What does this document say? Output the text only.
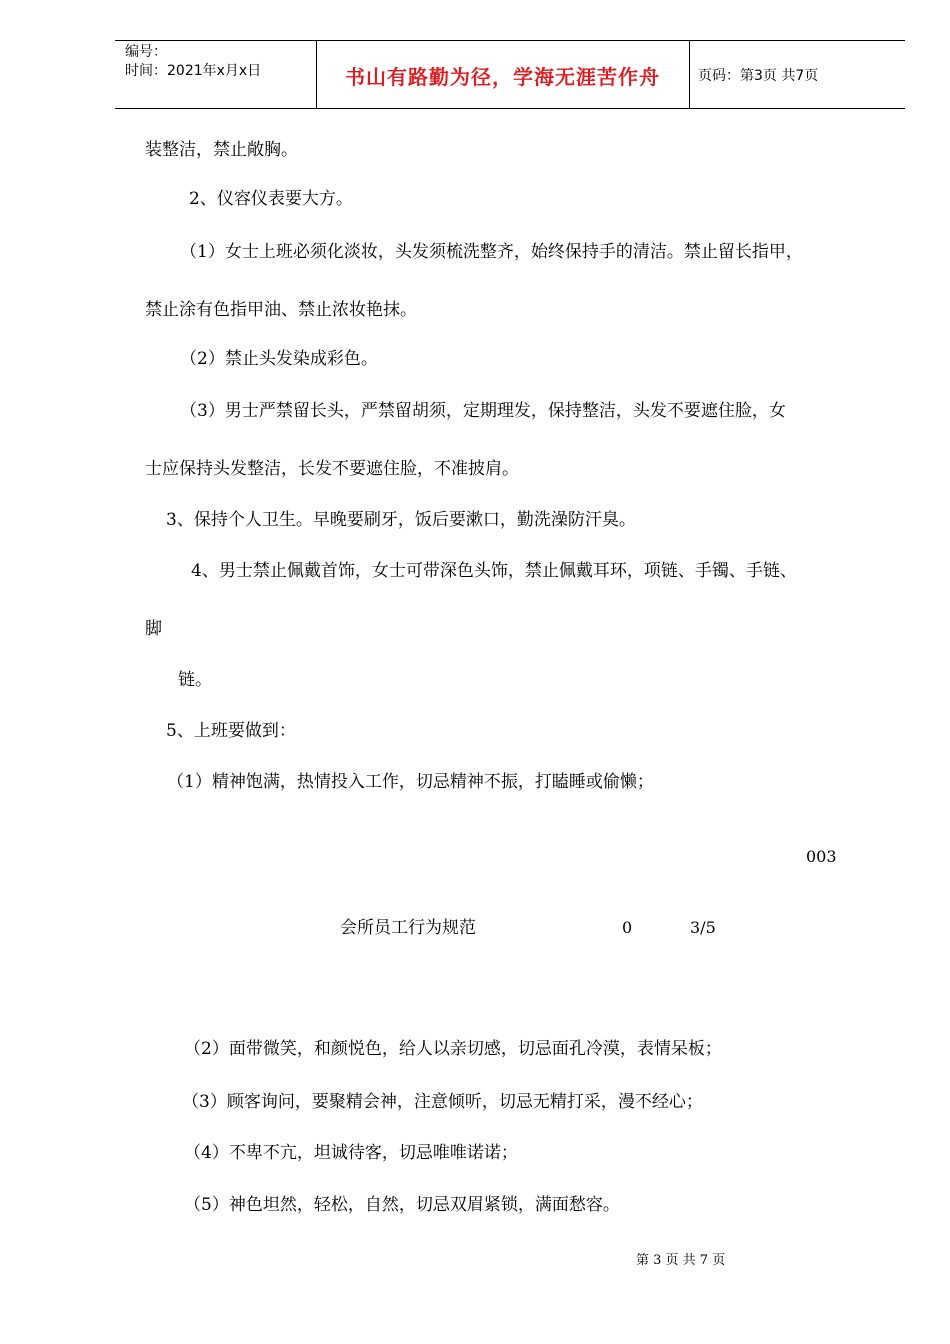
编号：
时间：2021年x月x日	书山有路勤为径，学海无涯苦作舟	页码：第3页 共7页
装整洁，禁止敞胸。
2、仪容仪表要大方。
（1）女士上班必须化淡妆，头发须梳洗整齐，始终保持手的清洁。禁止留长指甲，
禁止涂有色指甲油、禁止浓妆艳抹。
（2）禁止头发染成彩色。
（3）男士严禁留长头，严禁留胡须，定期理发，保持整洁，头发不要遮住脸，女
士应保持头发整洁，长发不要遮住脸，不准披肩。
3、保持个人卫生。早晚要刷牙，饭后要漱口，勤洗澡防汗臭。
4、男士禁止佩戴首饰，女士可带深色头饰，禁止佩戴耳环，项链、手镯、手链、
脚
链。
5、上班要做到：
（1）精神饱满，热情投入工作，切忌精神不振，打瞌睡或偷懒；
003
会所员工行为规范	0	3/5
（2）面带微笑，和颜悦色，给人以亲切感，切忌面孔冷漠，表情呆板；
（3）顾客询问，要聚精会神，注意倾听，切忌无精打采，漫不经心；
（4）不卑不亢，坦诚待客，切忌唯唯诺诺；
（5）神色坦然，轻松，自然，切忌双眉紧锁，满面愁容。
第 3 页 共 7 页
